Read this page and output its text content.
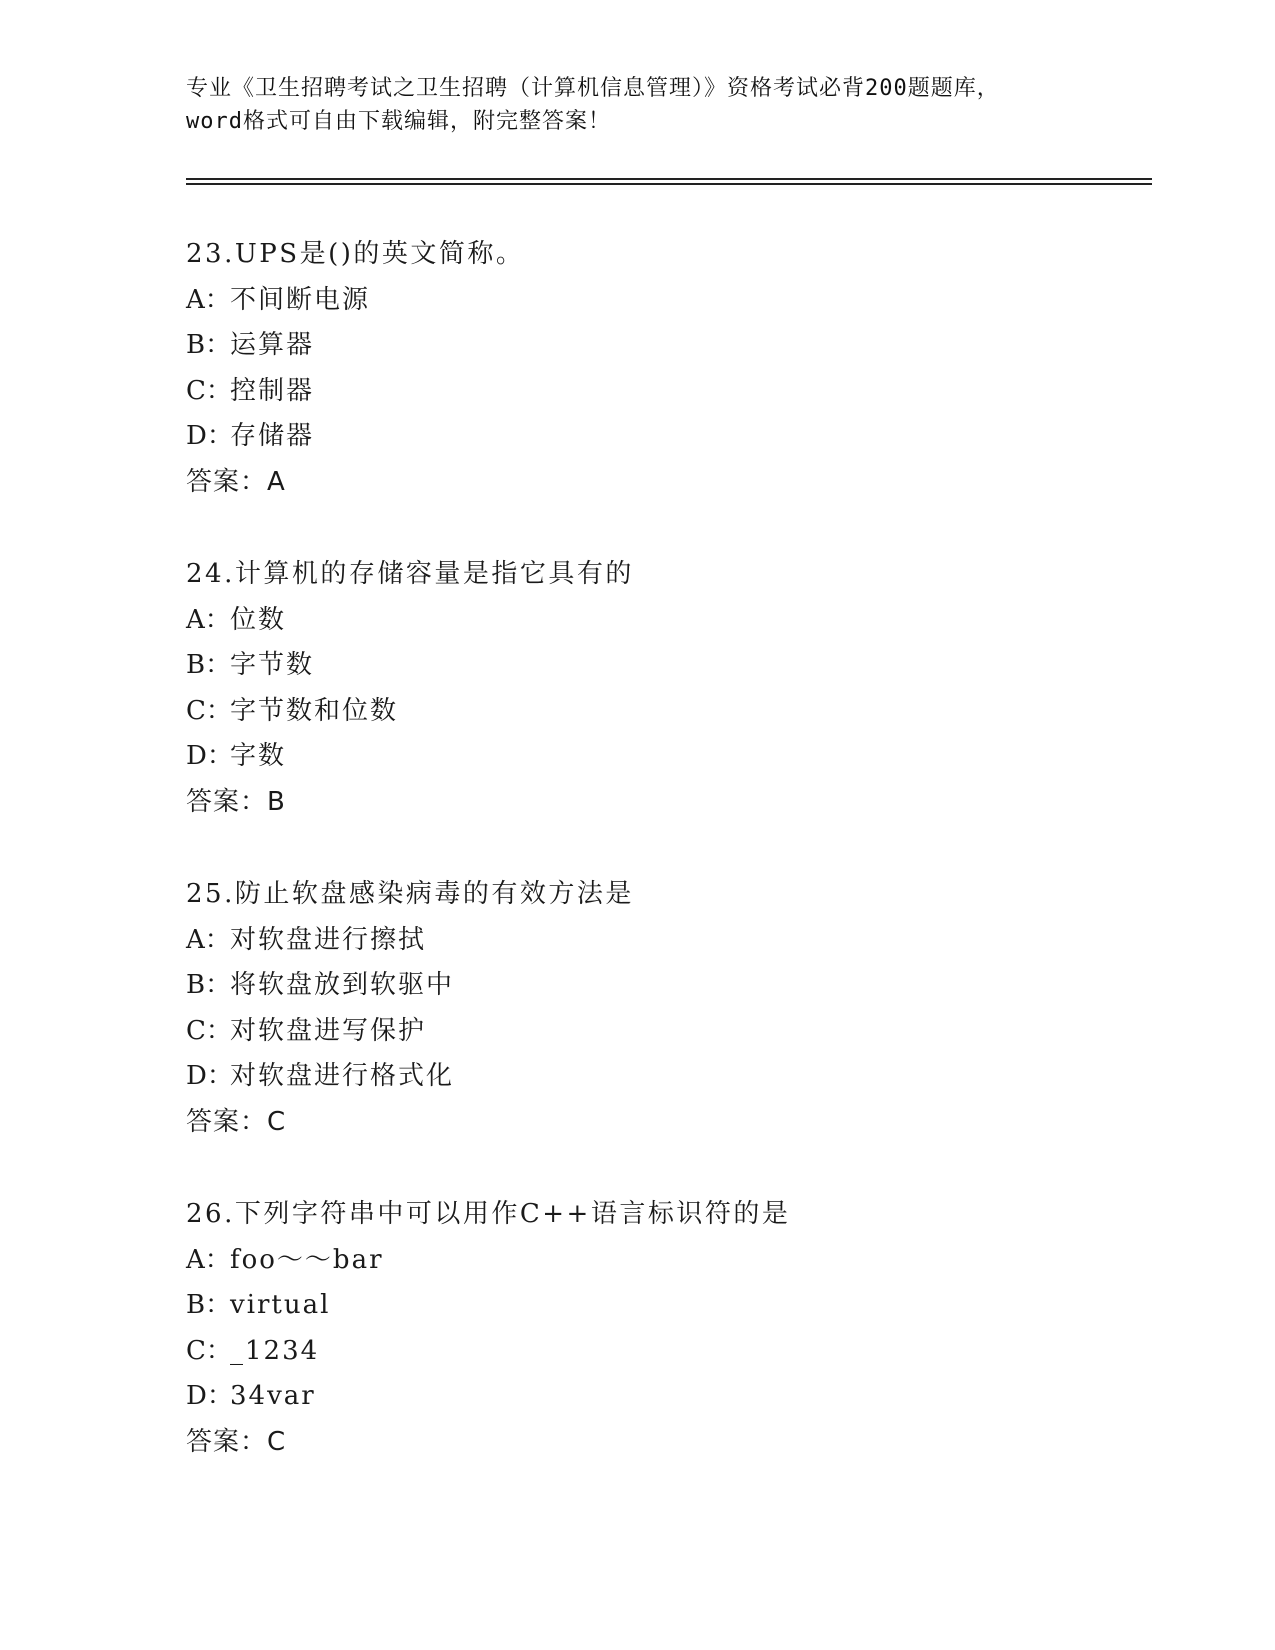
专业《卫生招聘考试之卫生招聘（计算机信息管理）》资格考试必背200题题库，

word格式可自由下载编辑，附完整答案！

23.UPS是()的英文简称。
A：不间断电源
B：运算器
C：控制器
D：存储器
答案：A
24.计算机的存储容量是指它具有的
A：位数
B：字节数
C：字节数和位数
D：字数
答案：B
25.防止软盘感染病毒的有效方法是
A：对软盘进行擦拭
B：将软盘放到软驱中
C：对软盘进写保护
D：对软盘进行格式化
答案：C
26.下列字符串中可以用作C++语言标识符的是
A：foo～～bar
B：virtual
C：_1234
D：34var
答案：C
